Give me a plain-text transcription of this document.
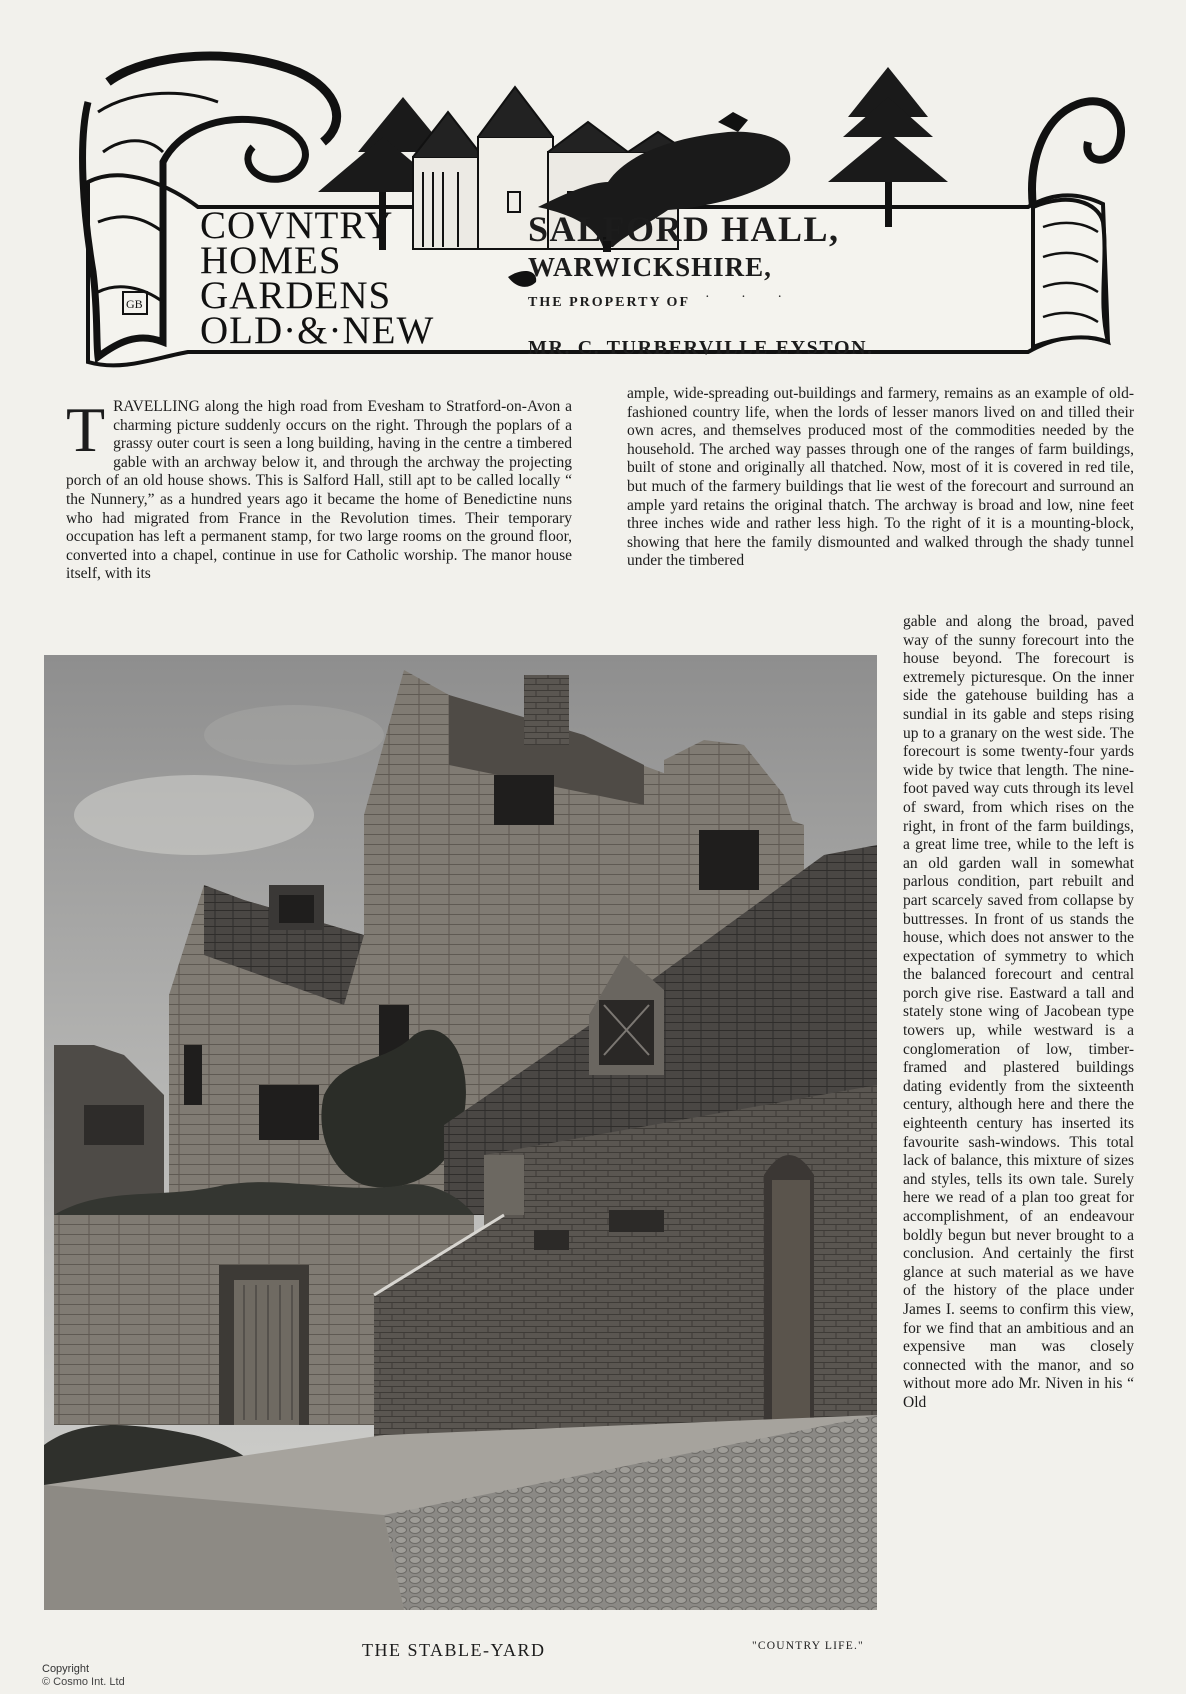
GB
COVNTRY
HOMES
GARDENS
OLD·&·NEW
SALFORD HALL,
WARWICKSHIRE,
THE PROPERTY OF · · ·
MR. C. TURBERVILLE EYSTON.

TRAVELLING along the high road from Evesham to Stratford-on-Avon a charming picture suddenly occurs on the right. Through the poplars of a grassy outer court is seen a long building, having in the centre a timbered gable with an archway below it, and through the archway the projecting porch of an old house shows. This is Salford Hall, still apt to be called locally “ the Nunnery,” as a hundred years ago it became the home of Benedictine nuns who had migrated from France in the Revolution times. Their temporary occupation has left a permanent stamp, for two large rooms on the ground floor, converted into a chapel, continue in use for Catholic worship. The manor house itself, with its

ample, wide-spreading out-buildings and farmery, remains as an example of old-fashioned country life, when the lords of lesser manors lived on and tilled their own acres, and themselves produced most of the commodities needed by the household. The arched way passes through one of the ranges of farm buildings, built of stone and originally all thatched. Now, most of it is covered in red tile, but much of the farmery buildings that lie west of the forecourt and surround an ample yard retains the original thatch. The archway is broad and low, nine feet three inches wide and rather less high. To the right of it is a mounting-block, showing that here the family dismounted and walked through the shady tunnel under the timbered

gable and along the broad, paved way of the sunny forecourt into the house beyond. The forecourt is extremely picturesque. On the inner side the gatehouse building has a sundial in its gable and steps rising up to a granary on the west side. The forecourt is some twenty-four yards wide by twice that length. The nine-foot paved way cuts through its level of sward, from which rises on the right, in front of the farm buildings, a great lime tree, while to the left is an old garden wall in somewhat parlous condition, part rebuilt and part scarcely saved from collapse by buttresses. In front of us stands the house, which does not answer to the expectation of symmetry to which the balanced forecourt and central porch give rise. Eastward a tall and stately stone wing of Jacobean type towers up, while westward is a conglomeration of low, timber-framed and plastered buildings dating evidently from the sixteenth century, although here and there the eighteenth century has inserted its favourite sash-windows. This total lack of balance, this mixture of sizes and styles, tells its own tale. Surely here we read of a plan too great for accomplishment, of an endeavour boldly begun but never brought to a conclusion. And certainly the first glance at such material as we have of the history of the place under James I. seems to confirm this view, for we find that an ambitious and an expensive man was closely connected with the manor, and so without more ado Mr. Niven in his “ Old

THE STABLE-YARD	"COUNTRY LIFE."
Copyright
© Cosmo Int. Ltd
